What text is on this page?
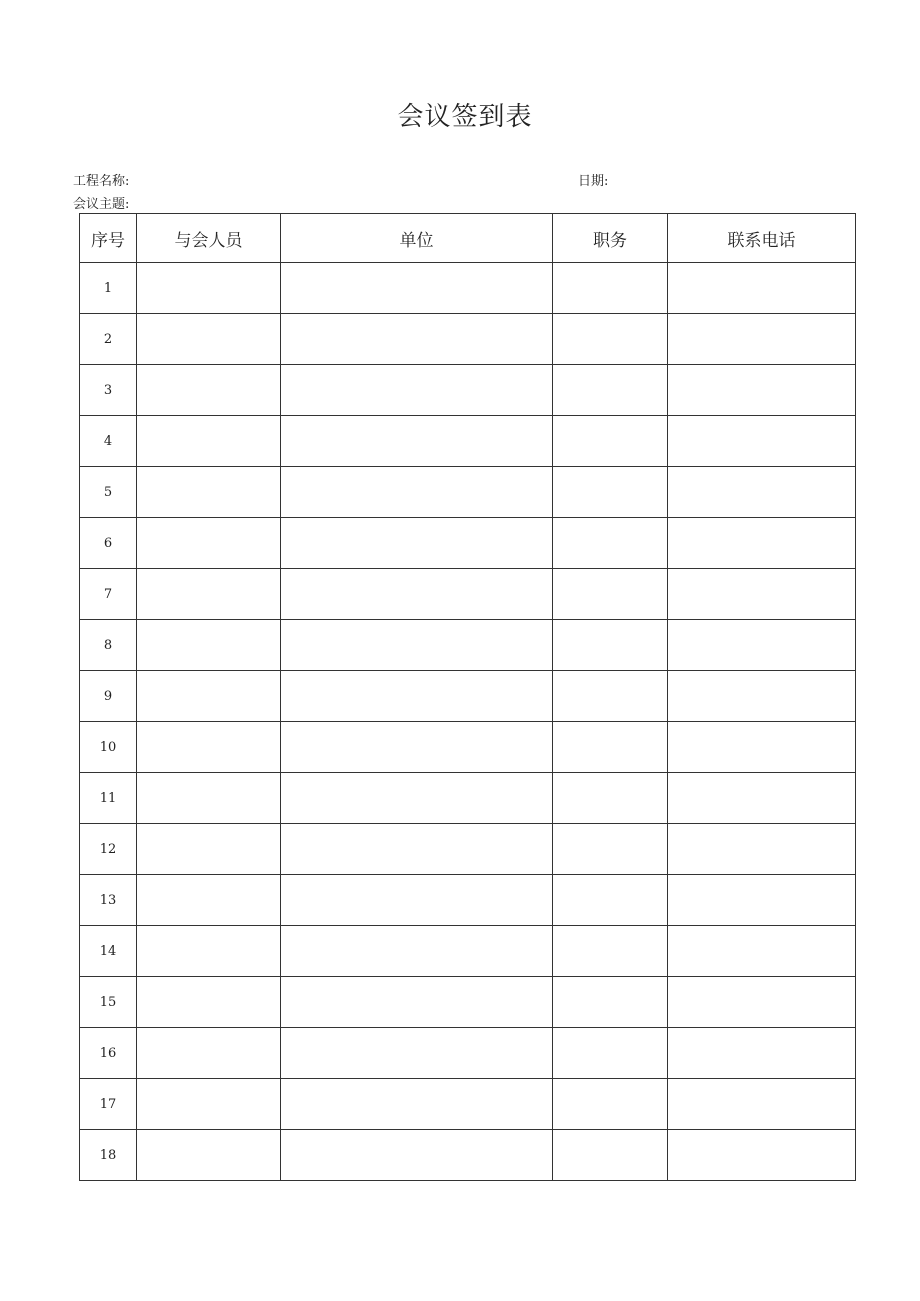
会议签到表
工程名称:	日期:
会议主题:
序号	与会人员	单位	职务	联系电话
1				
2				
3				
4				
5				
6				
7				
8				
9				
10				
11				
12				
13				
14				
15				
16				
17				
18				
